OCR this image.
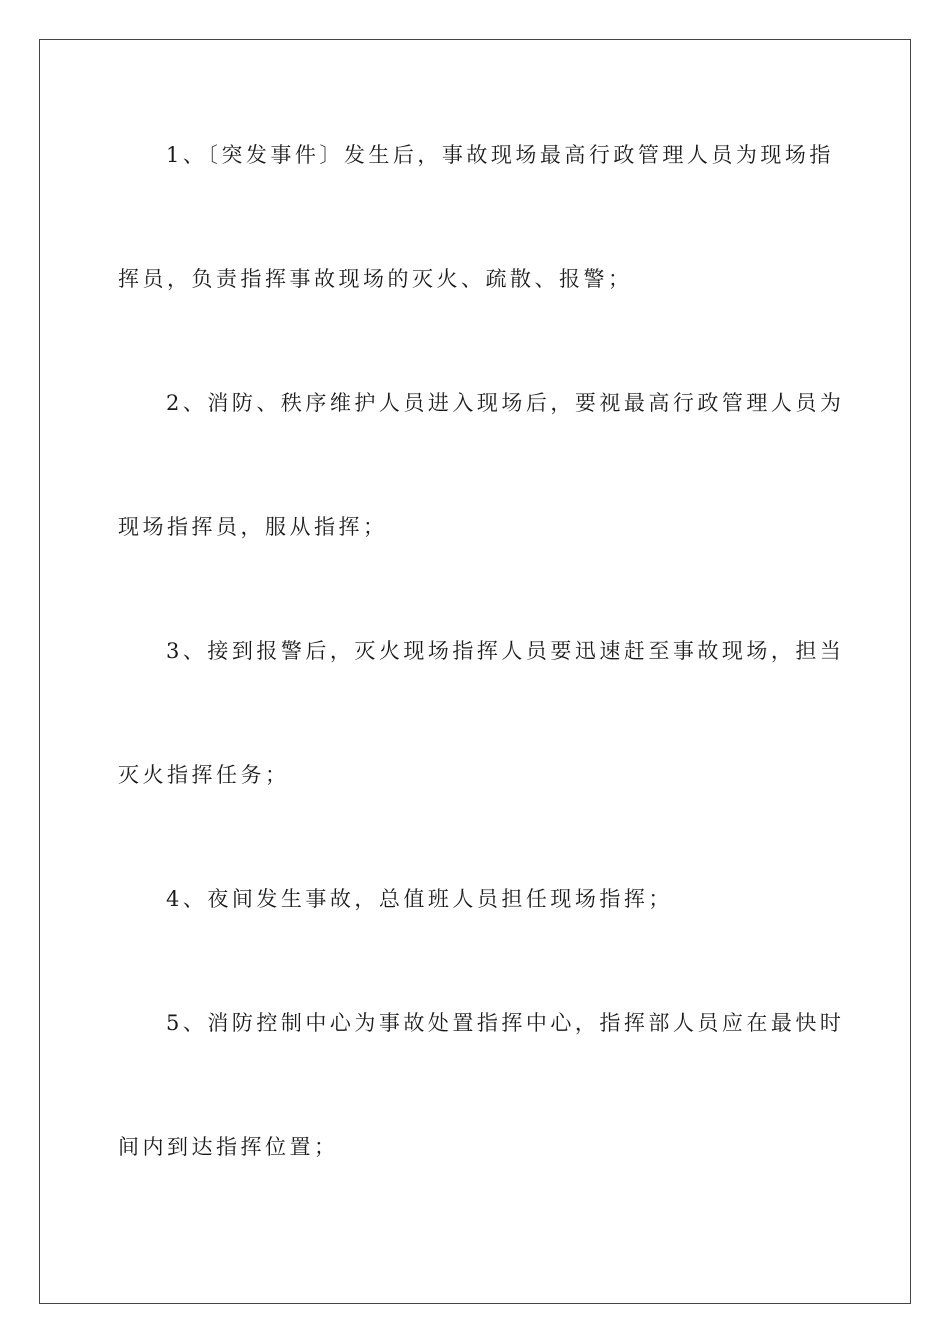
1、〔突发事件〕发生后，事故现场最高行政管理人员为现场指
挥员，负责指挥事故现场的灭火、疏散、报警；
2、消防、秩序维护人员进入现场后，要视最高行政管理人员为
现场指挥员，服从指挥；
3、接到报警后，灭火现场指挥人员要迅速赶至事故现场，担当
灭火指挥任务；
4、夜间发生事故，总值班人员担任现场指挥；
5、消防控制中心为事故处置指挥中心，指挥部人员应在最快时
间内到达指挥位置；
